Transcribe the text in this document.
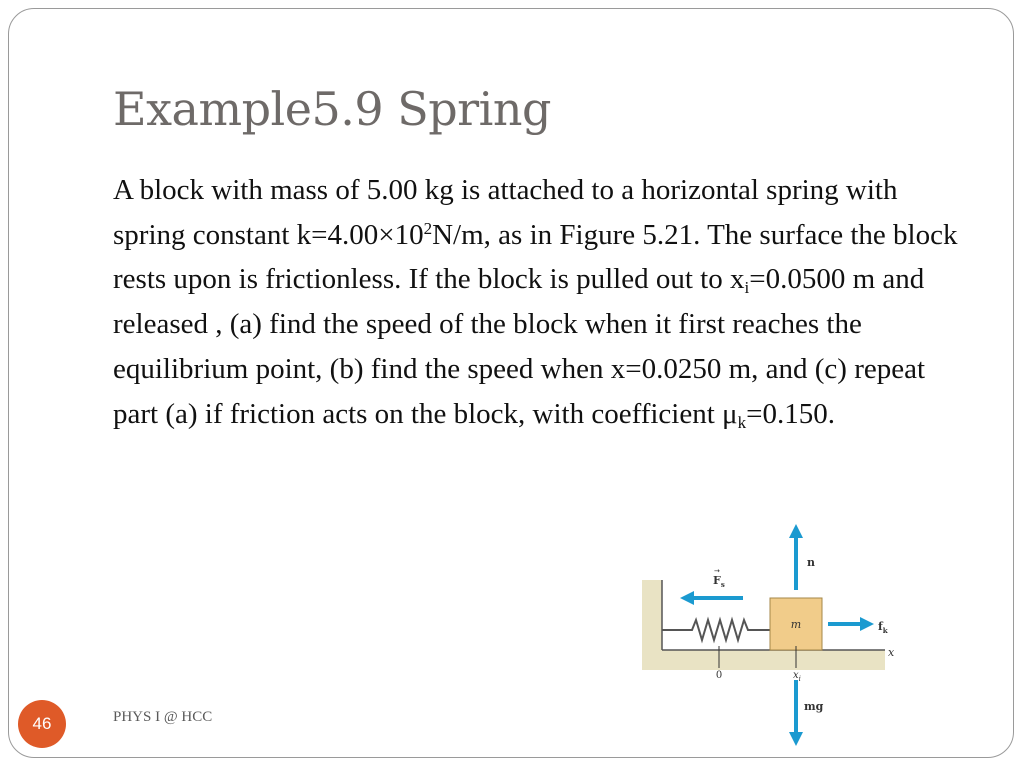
Example5.9 Spring

A block with mass of 5.00 kg is attached to a horizontal spring with spring constant $k=4.00\times 10^2N/m$, as in Figure 5.21. The surface the block rests upon is frictionless. If the block is pulled out to $x_i=0.0500$ m and released , (a) find the speed of the block when it first reaches the equilibrium point, (b) find the speed when x=0.0250 m, and (c) repeat part (a) if friction acts on the block, with coefficient $\mu_k=0.150$.

m
$F_s$
→
$f_k$
n
mg
0	$x_i$
x
PHYS I @ HCC
46
